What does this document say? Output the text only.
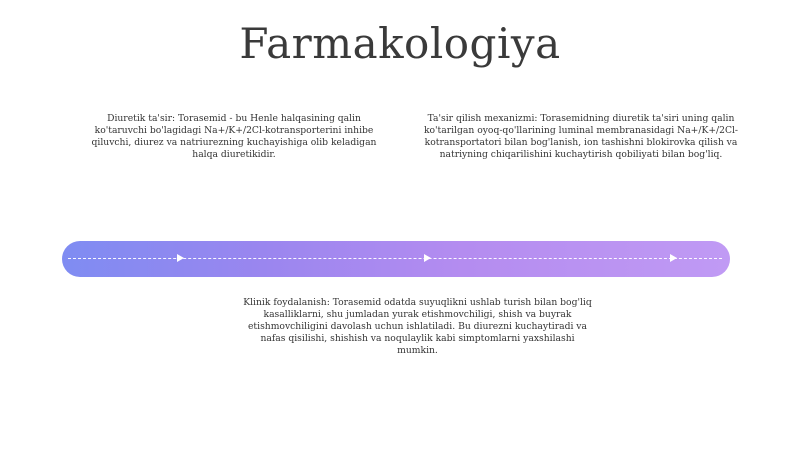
Farmakologiya
Diuretik ta'sir: Torasemid - bu Henle halqasining qalin ko'taruvchi bo'lagidagi Na+/K+/2Cl-kotransporterini inhibe qiluvchi, diurez va natriurezning kuchayishiga olib keladigan halqa diuretikidir.
Ta'sir qilish mexanizmi: Torasemidning diuretik ta'siri uning qalin ko'tarilgan oyoq-qo'llarining luminal membranasidagi Na+/K+/2Cl-kotransportatori bilan bog'lanish, ion tashishni blokirovka qilish va natriyning chiqarilishini kuchaytirish qobiliyati bilan bog'liq.
Klinik foydalanish: Torasemid odatda suyuqlikni ushlab turish bilan bog'liq kasalliklarni, shu jumladan yurak etishmovchiligi, shish va buyrak etishmovchiligini davolash uchun ishlatiladi. Bu diurezni kuchaytiradi va nafas qisilishi, shishish va noqulaylik kabi simptomlarni yaxshilashi mumkin.
